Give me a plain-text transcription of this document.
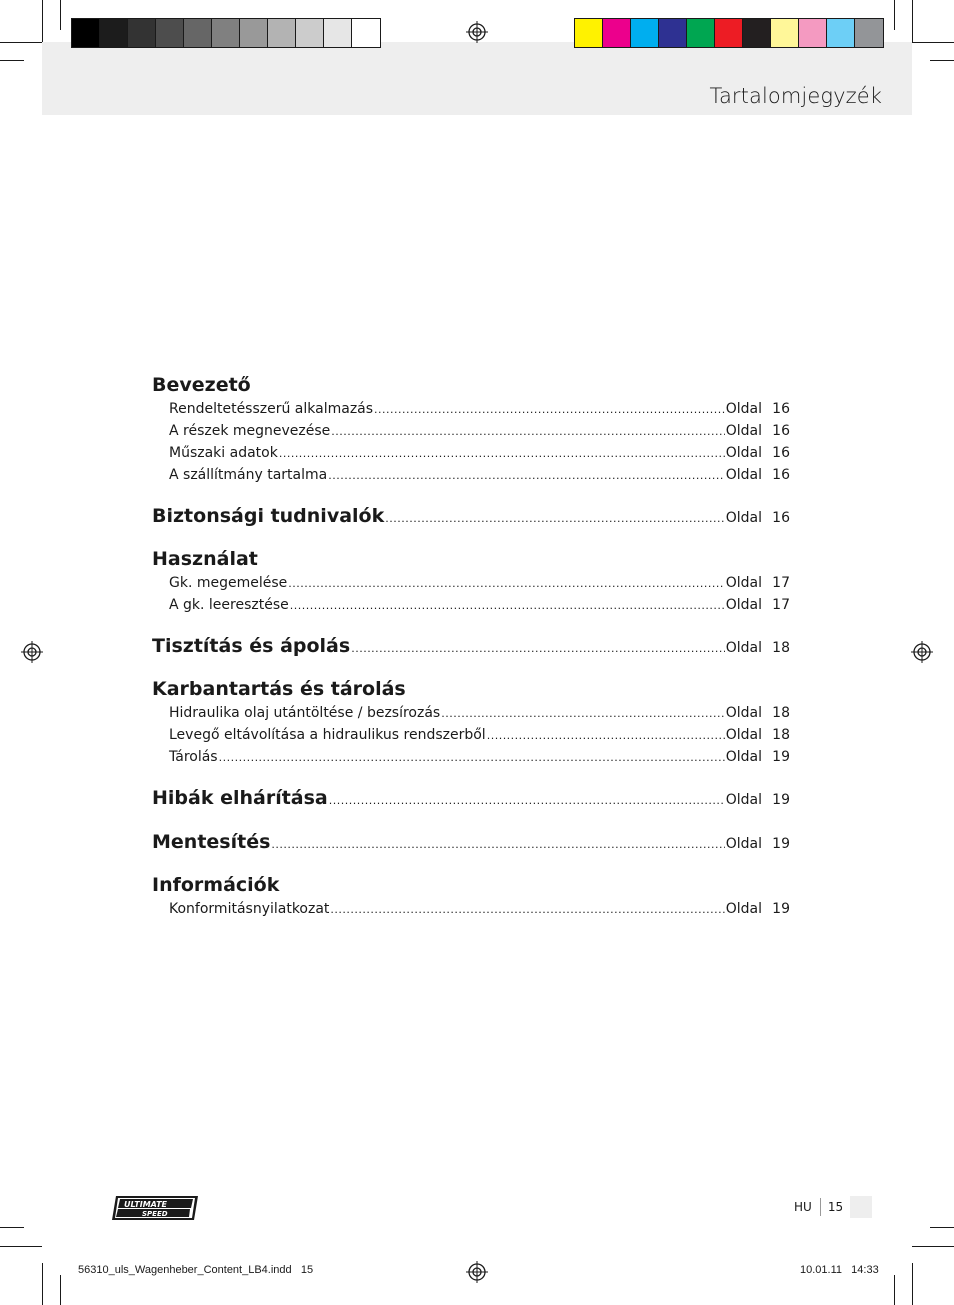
Tartalomjegyzék
Bevezető
Rendeltetésszerű alkalmazás .....	Oldal 16
A részek megnevezése .....	Oldal 16
Műszaki adatok .....	Oldal 16
A szállítmány tartalma .....	Oldal 16
Biztonsági tudnivalók .....	Oldal 16
Használat
Gk. megemelése .....	Oldal 17
A gk. leeresztése .....	Oldal 17
Tisztítás és ápolás .....	Oldal 18
Karbantartás és tárolás
Hidraulika olaj utántöltése / bezsírozás .....	Oldal 18
Levegő eltávolítása a hidraulikus rendszerből .....	Oldal 18
Tárolás .....	Oldal 19
Hibák elhárítása .....	Oldal 19
Mentesítés .....	Oldal 19
Információk
Konformitásnyilatkozat .....	Oldal 19
ULTIMATE
SPEED	HU	15
56310_uls_Wagenheber_Content_LB4.indd   15	10.01.11   14:33
